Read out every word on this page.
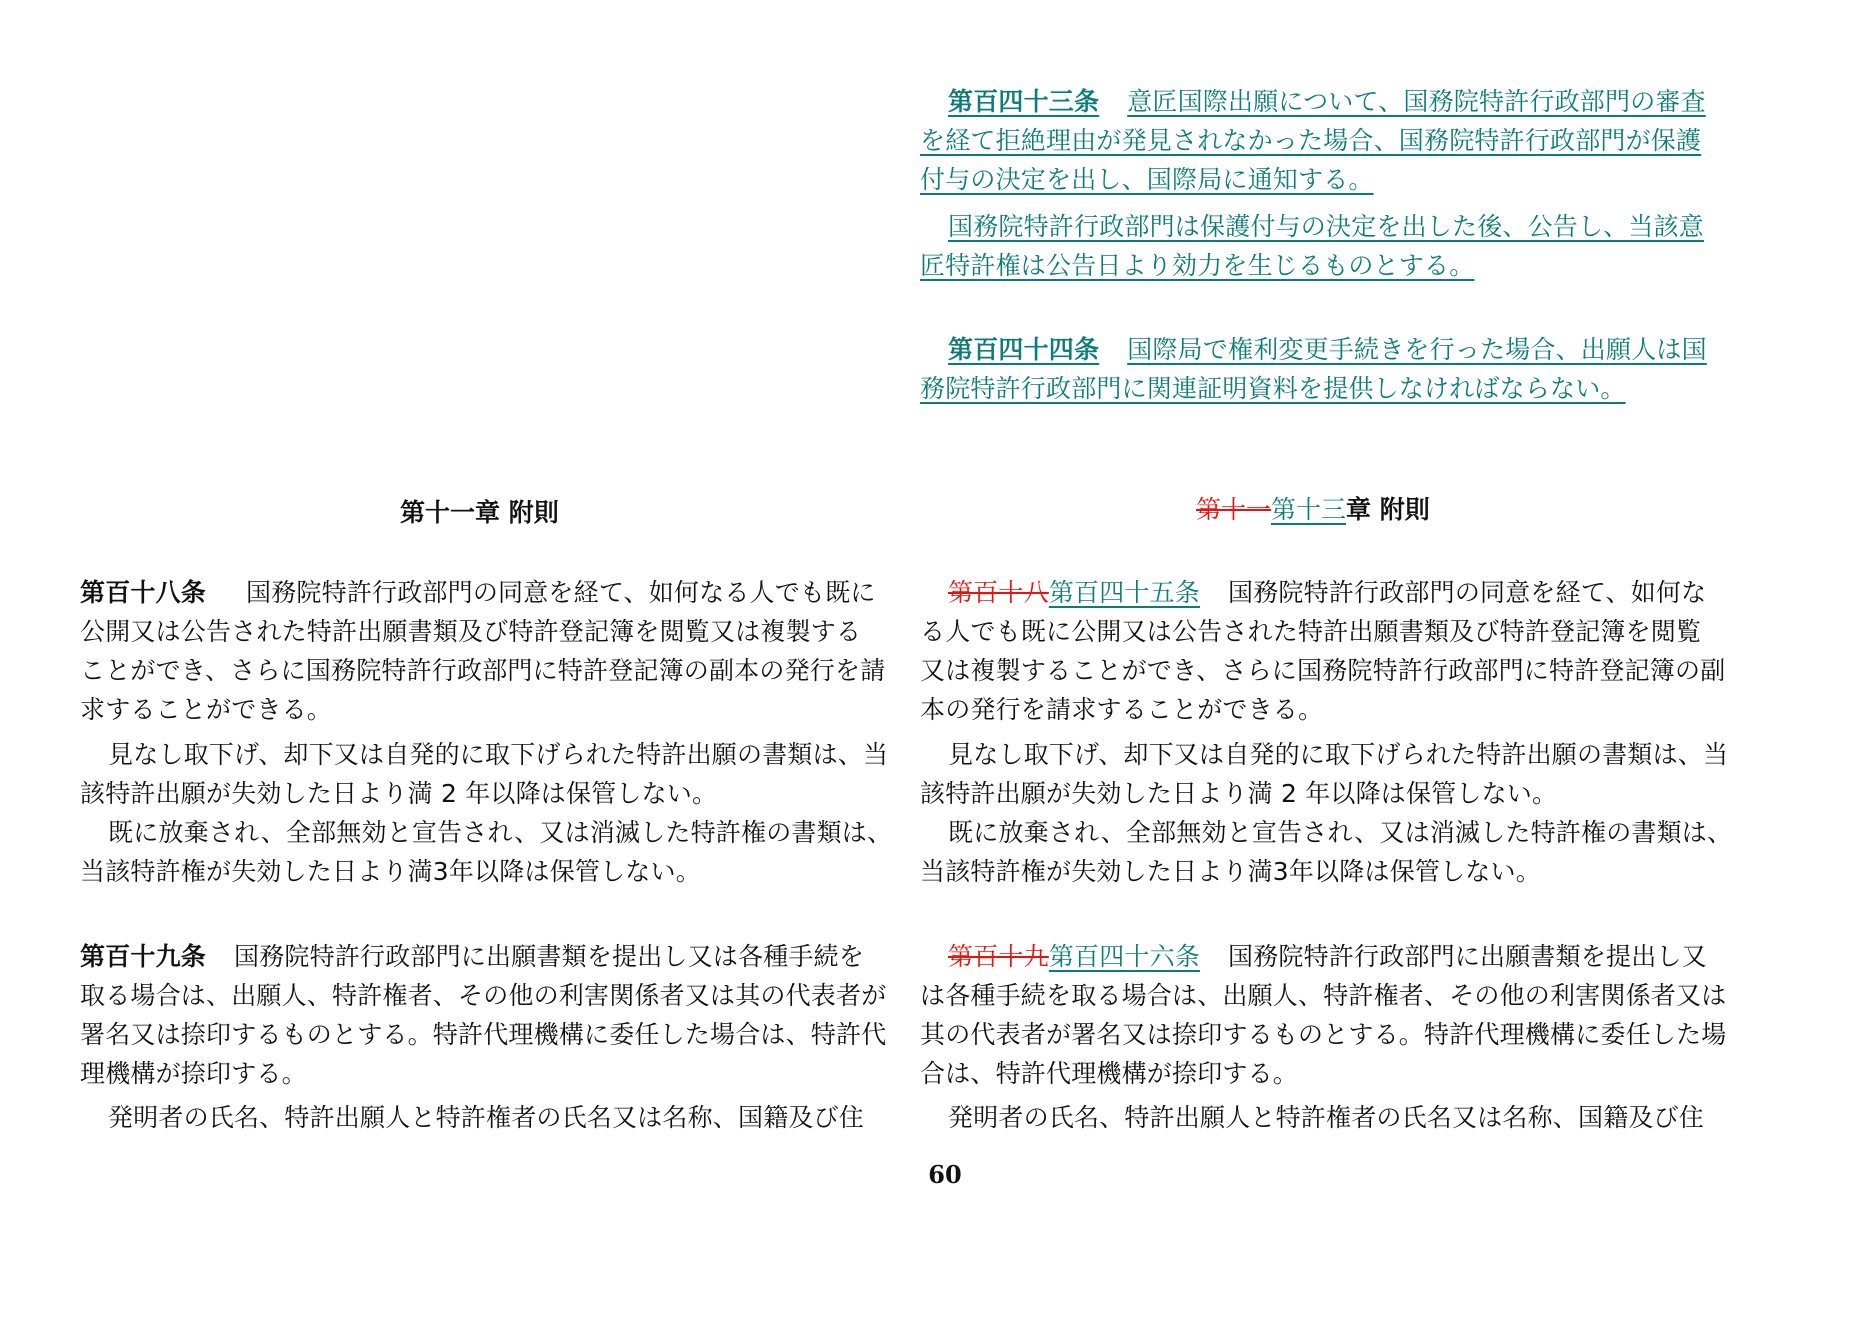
第百四十三条 意匠国際出願について、国務院特許行政部門の審査
を経て拒絶理由が発見されなかった場合、国務院特許行政部門が保護
付与の決定を出し、国際局に通知する。
国務院特許行政部門は保護付与の決定を出した後、公告し、当該意
匠特許権は公告日より効力を生じるものとする。
第百四十四条 国際局で権利変更手続きを行った場合、出願人は国
務院特許行政部門に関連証明資料を提供しなければならない。
第十一章 附則	第十一第十三章 附則
第百十八条 国務院特許行政部門の同意を経て、如何なる人でも既に
公開又は公告された特許出願書類及び特許登記簿を閲覧又は複製する
ことができ、さらに国務院特許行政部門に特許登記簿の副本の発行を請
求することができる。
見なし取下げ、却下又は自発的に取下げられた特許出願の書類は、当
該特許出願が失効した日より満 2 年以降は保管しない。
既に放棄され、全部無効と宣告され、又は消滅した特許権の書類は、
当該特許権が失効した日より満3年以降は保管しない。
第百十九条 国務院特許行政部門に出願書類を提出し又は各種手続を
取る場合は、出願人、特許権者、その他の利害関係者又は其の代表者が
署名又は捺印するものとする。特許代理機構に委任した場合は、特許代
理機構が捺印する。
発明者の氏名、特許出願人と特許権者の氏名又は名称、国籍及び住
第百十八第百四十五条 国務院特許行政部門の同意を経て、如何な
る人でも既に公開又は公告された特許出願書類及び特許登記簿を閲覧
又は複製することができ、さらに国務院特許行政部門に特許登記簿の副
本の発行を請求することができる。
見なし取下げ、却下又は自発的に取下げられた特許出願の書類は、当
該特許出願が失効した日より満 2 年以降は保管しない。
既に放棄され、全部無効と宣告され、又は消滅した特許権の書類は、
当該特許権が失効した日より満3年以降は保管しない。
第百十九第百四十六条 国務院特許行政部門に出願書類を提出し又
は各種手続を取る場合は、出願人、特許権者、その他の利害関係者又は
其の代表者が署名又は捺印するものとする。特許代理機構に委任した場
合は、特許代理機構が捺印する。
発明者の氏名、特許出願人と特許権者の氏名又は名称、国籍及び住
60
